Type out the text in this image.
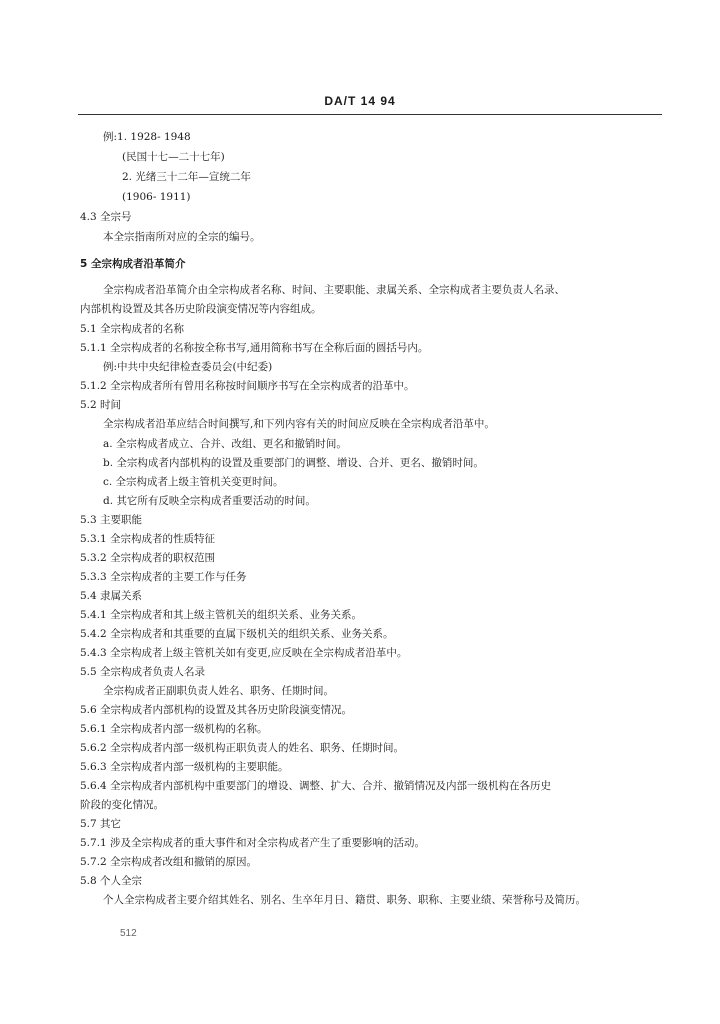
DA/T 14 94
例:1. 1928- 1948
(民国十七—二十七年)
2. 光绪三十二年—宣统二年
(1906- 1911)
4.3 全宗号
本全宗指南所对应的全宗的编号。
5 全宗构成者沿革简介
全宗构成者沿革简介由全宗构成者名称、时间、主要职能、隶属关系、全宗构成者主要负责人名录、
内部机构设置及其各历史阶段演变情况等内容组成。
5.1 全宗构成者的名称
5.1.1 全宗构成者的名称按全称书写,通用简称书写在全称后面的圆括号内。
例:中共中央纪律检查委员会(中纪委)
5.1.2 全宗构成者所有曾用名称按时间顺序书写在全宗构成者的沿革中。
5.2 时间
全宗构成者沿革应结合时间撰写,和下列内容有关的时间应反映在全宗构成者沿革中。
a. 全宗构成者成立、合并、改组、更名和撤销时间。
b. 全宗构成者内部机构的设置及重要部门的调整、增设、合并、更名、撤销时间。
c. 全宗构成者上级主管机关变更时间。
d. 其它所有反映全宗构成者重要活动的时间。
5.3 主要职能
5.3.1 全宗构成者的性质特征
5.3.2 全宗构成者的职权范围
5.3.3 全宗构成者的主要工作与任务
5.4 隶属关系
5.4.1 全宗构成者和其上级主管机关的组织关系、业务关系。
5.4.2 全宗构成者和其重要的直属下级机关的组织关系、业务关系。
5.4.3 全宗构成者上级主管机关如有变更,应反映在全宗构成者沿革中。
5.5 全宗构成者负责人名录
全宗构成者正副职负责人姓名、职务、任期时间。
5.6 全宗构成者内部机构的设置及其各历史阶段演变情况。
5.6.1 全宗构成者内部一级机构的名称。
5.6.2 全宗构成者内部一级机构正职负责人的姓名、职务、任期时间。
5.6.3 全宗构成者内部一级机构的主要职能。
5.6.4 全宗构成者内部机构中重要部门的增设、调整、扩大、合并、撤销情况及内部一级机构在各历史
阶段的变化情况。
5.7 其它
5.7.1 涉及全宗构成者的重大事件和对全宗构成者产生了重要影响的活动。
5.7.2 全宗构成者改组和撤销的原因。
5.8 个人全宗
个人全宗构成者主要介绍其姓名、别名、生卒年月日、籍贯、职务、职称、主要业绩、荣誉称号及简历。
512
